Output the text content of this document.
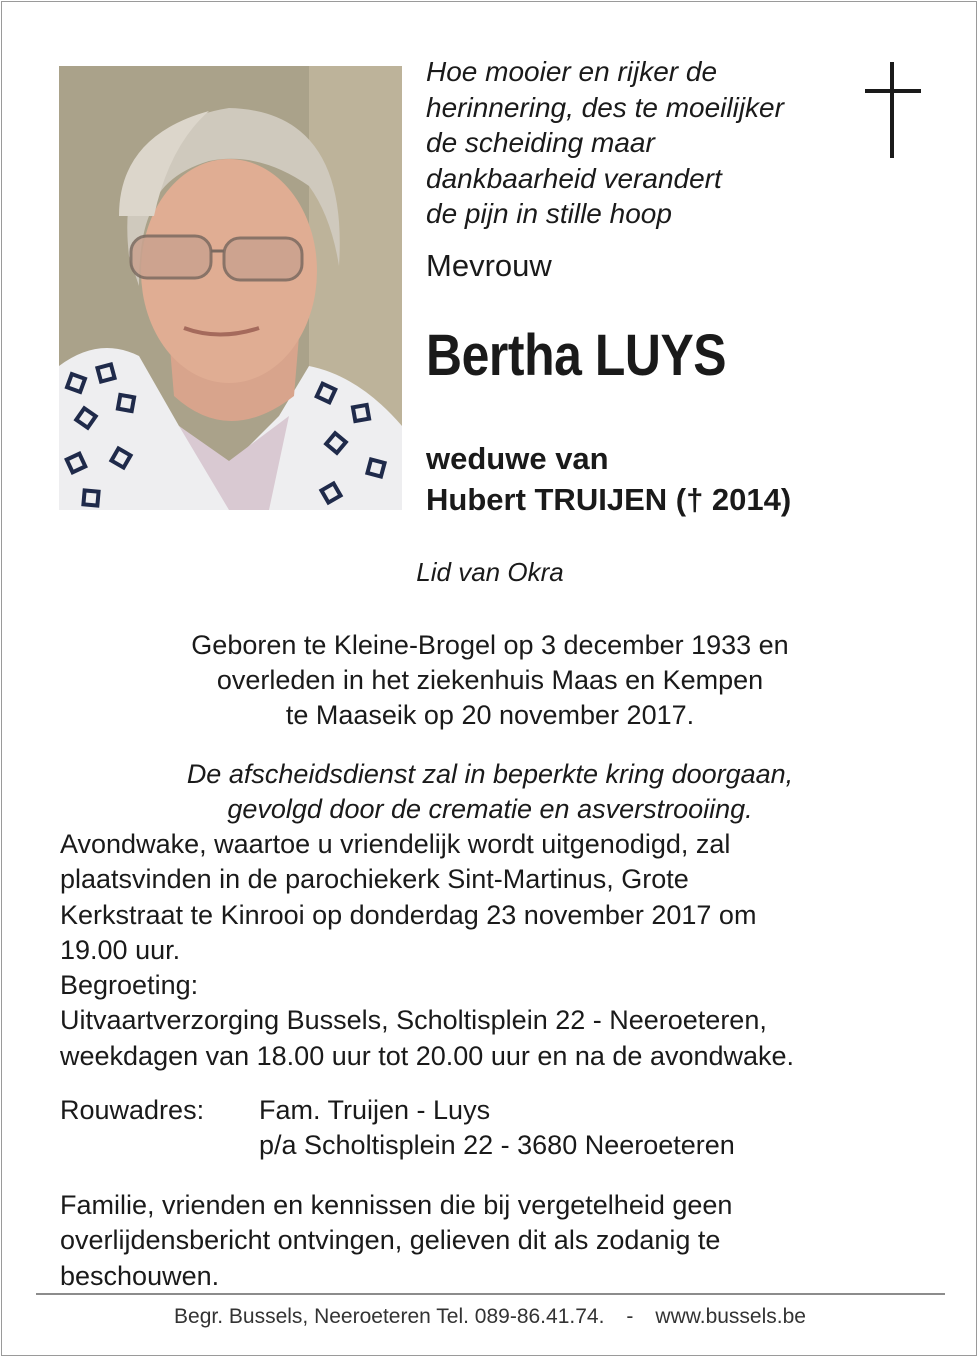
Hoe mooier en rijker de
herinnering, des te moeilijker
de scheiding maar
dankbaarheid verandert
de pijn in stille hoop
Mevrouw
Bertha LUYS
weduwe van
Hubert TRUIJEN († 2014)
Lid van Okra
Geboren te Kleine-Brogel op 3 december 1933 en
overleden in het ziekenhuis Maas en Kempen
te Maaseik op 20 november 2017.
De afscheidsdienst zal in beperkte kring doorgaan,
gevolgd door de crematie en asverstrooiing.
Avondwake, waartoe u vriendelijk wordt uitgenodigd, zal
plaatsvinden in de parochiekerk Sint-Martinus, Grote
Kerkstraat te Kinrooi op donderdag 23 november 2017 om
19.00 uur.
Begroeting:
Uitvaartverzorging Bussels, Scholtisplein 22 - Neeroeteren,
weekdagen van 18.00 uur tot 20.00 uur en na de avondwake.
Rouwadres: Fam. Truijen - Luys
p/a Scholtisplein 22 - 3680 Neeroeteren
Familie, vrienden en kennissen die bij vergetelheid geen
overlijdensbericht ontvingen, gelieven dit als zodanig te
beschouwen.
Begr. Bussels, Neeroeteren Tel. 089-86.41.74. - www.bussels.be
